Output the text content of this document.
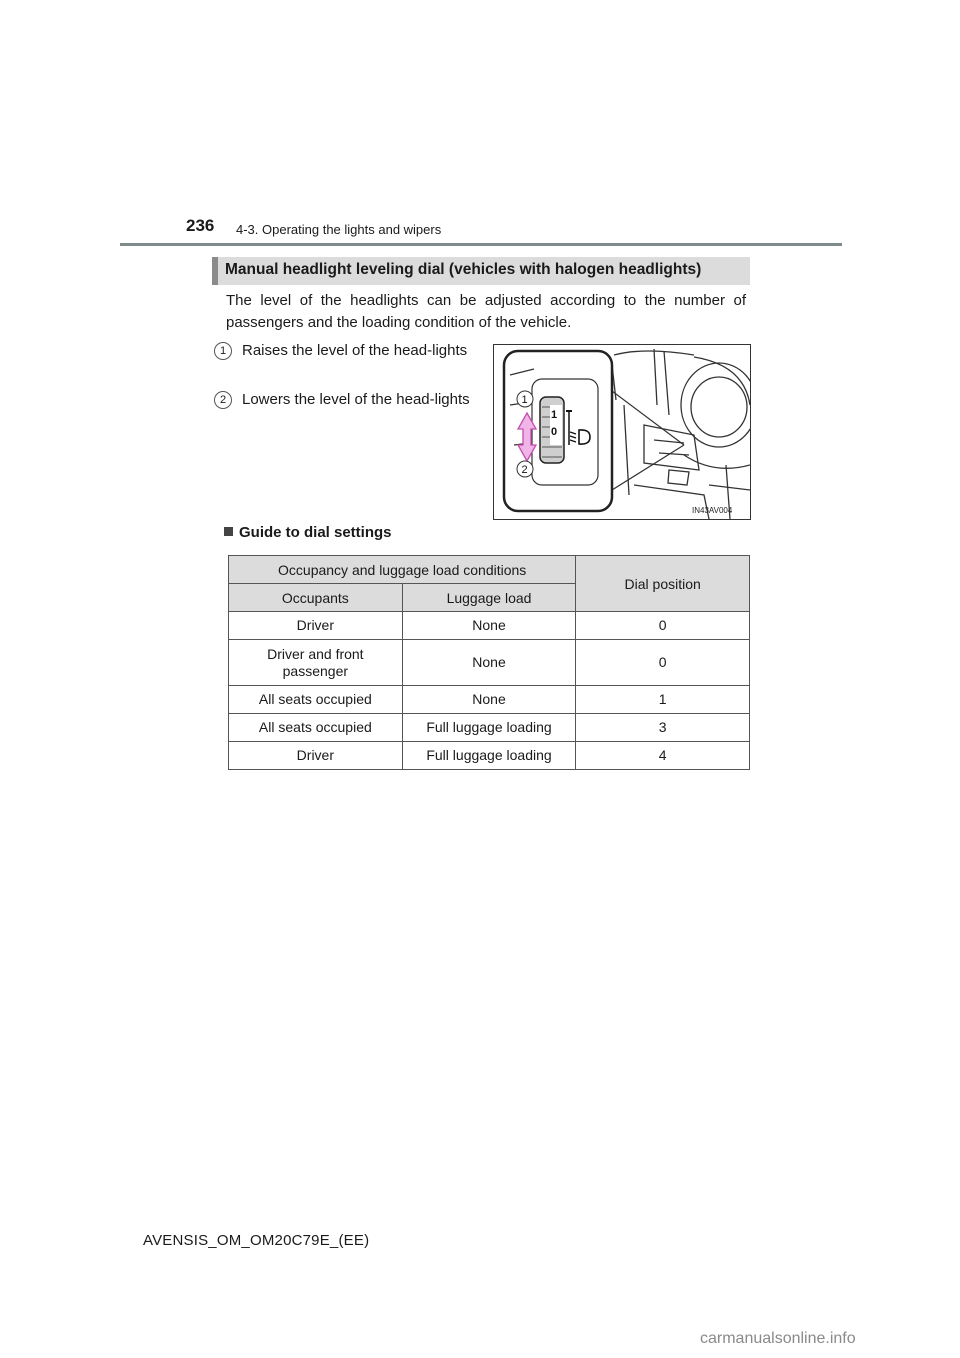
236 4-3. Operating the lights and wipers
Manual headlight leveling dial (vehicles with halogen headlights)
The level of the headlights can be adjusted according to the number of passengers and the loading condition of the vehicle.
1	Raises the level of the head-lights
2	Lowers the level of the head-lights
1
0
1
2
IN43AV004
Guide to dial settings
Occupancy and luggage load conditions		Dial position
Occupants	Luggage load	
Driver	None	0
Driver and front passenger	None	0
All seats occupied	None	1
All seats occupied	Full luggage loading	3
Driver	Full luggage loading	4
AVENSIS_OM_OM20C79E_(EE)
carmanualsonline.info
